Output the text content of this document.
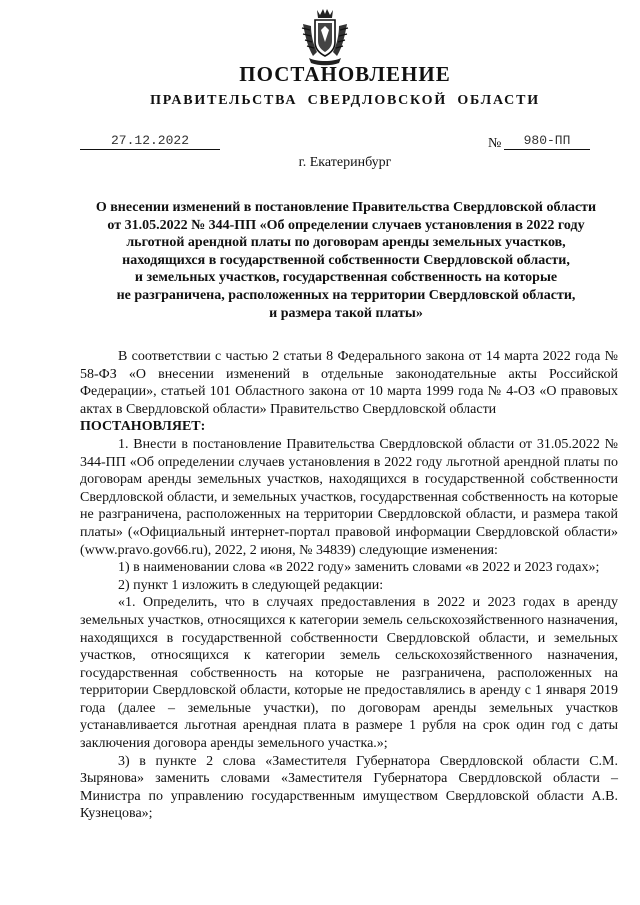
ПОСТАНОВЛЕНИЕ
ПРАВИТЕЛЬСТВА СВЕРДЛОВСКОЙ ОБЛАСТИ
27.12.2022	№	980-ПП
г. Екатеринбург
О внесении изменений в постановление Правительства Свердловской области
от 31.05.2022 № 344-ПП «Об определении случаев установления в 2022 году
льготной арендной платы по договорам аренды земельных участков,
находящихся в государственной собственности Свердловской области,
и земельных участков, государственная собственность на которые
не разграничена, расположенных на территории Свердловской области,
и размера такой платы»
В соответствии с частью 2 статьи 8 Федерального закона от 14 марта 2022 года № 58-ФЗ «О внесении изменений в отдельные законодательные акты Российской Федерации», статьей 101 Областного закона от 10 марта 1999 года № 4-ОЗ «О правовых актах в Свердловской области» Правительство Свердловской области
ПОСТАНОВЛЯЕТ:
1. Внести в постановление Правительства Свердловской области от 31.05.2022 № 344-ПП «Об определении случаев установления в 2022 году льготной арендной платы по договорам аренды земельных участков, находящихся в государственной собственности Свердловской области, и земельных участков, государственная собственность на которые не разграничена, расположенных на территории Свердловской области, и размера такой платы» («Официальный интернет-портал правовой информации Свердловской области» (www.pravo.gov66.ru), 2022, 2 июня, № 34839) следующие изменения:
1) в наименовании слова «в 2022 году» заменить словами «в 2022 и 2023 годах»;
2) пункт 1 изложить в следующей редакции:
«1. Определить, что в случаях предоставления в 2022 и 2023 годах в аренду земельных участков, относящихся к категории земель сельскохозяйственного назначения, находящихся в государственной собственности Свердловской области, и земельных участков, относящихся к категории земель сельскохозяйственного назначения, государственная собственность на которые не разграничена, расположенных на территории Свердловской области, которые не предоставлялись в аренду с 1 января 2019 года (далее – земельные участки), по договорам аренды земельных участков устанавливается льготная арендная плата в размере 1 рубля на срок один год с даты заключения договора аренды земельного участка.»;
3) в пункте 2 слова «Заместителя Губернатора Свердловской области С.М. Зырянова» заменить словами «Заместителя Губернатора Свердловской области – Министра по управлению государственным имуществом Свердловской области А.В. Кузнецова»;
